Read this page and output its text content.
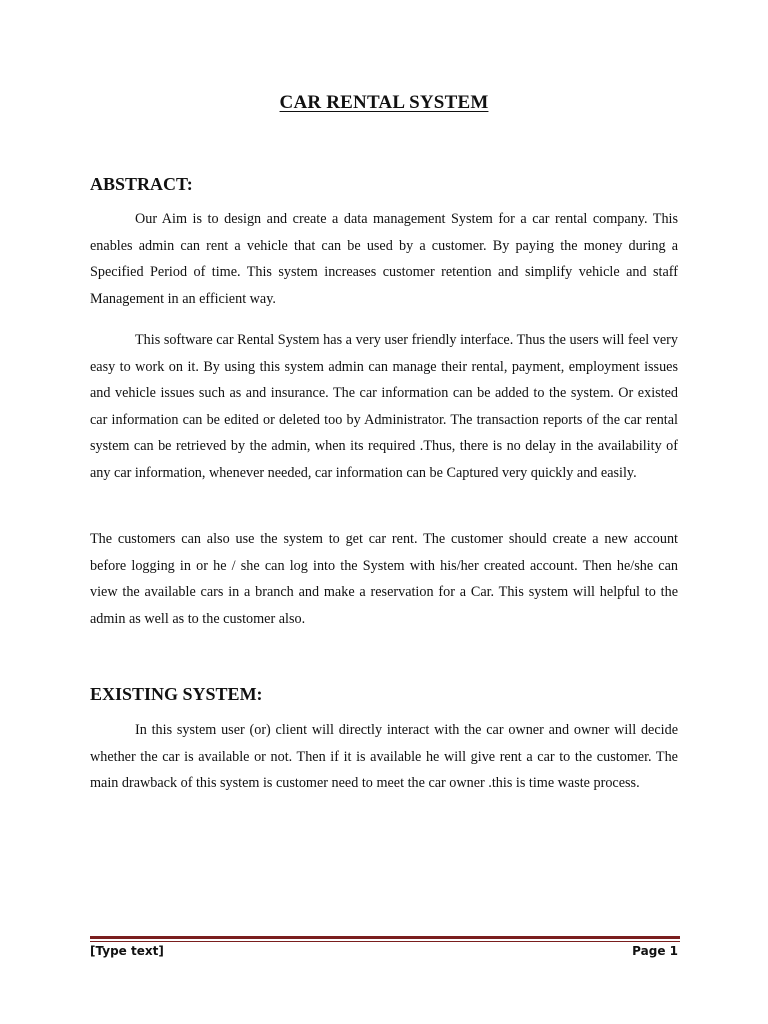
CAR RENTAL SYSTEM
ABSTRACT:

Our Aim is to design and create a data management System for a car rental company. This enables admin can rent a vehicle that can be used by a customer. By paying the money during a Specified Period of time. This system increases customer retention and simplify vehicle and staff Management in an efficient way.

This software car Rental System has a very user friendly interface. Thus the users will feel very easy to work on it. By using this system admin can manage their rental, payment, employment issues and vehicle issues such as and insurance. The car information can be added to the system. Or existed car information can be edited or deleted too by Administrator. The transaction reports of the car rental system can be retrieved by the admin, when its required .Thus, there is no delay in the availability of any car information, whenever needed, car information can be Captured very quickly and easily.

The customers can also use the system to get car rent. The customer should create a new account before logging in or he / she can log into the System with his/her created account. Then he/she can view the available cars in a branch and make a reservation for a Car. This system will helpful to the admin as well as to the customer also.

EXISTING SYSTEM:

In this system user (or) client will directly interact with the car owner and owner will decide whether the car is available or not. Then if it is available he will give rent a car to the customer. The main drawback of this system is customer need to meet the car owner .this is time waste process.

[Type text]	Page 1
